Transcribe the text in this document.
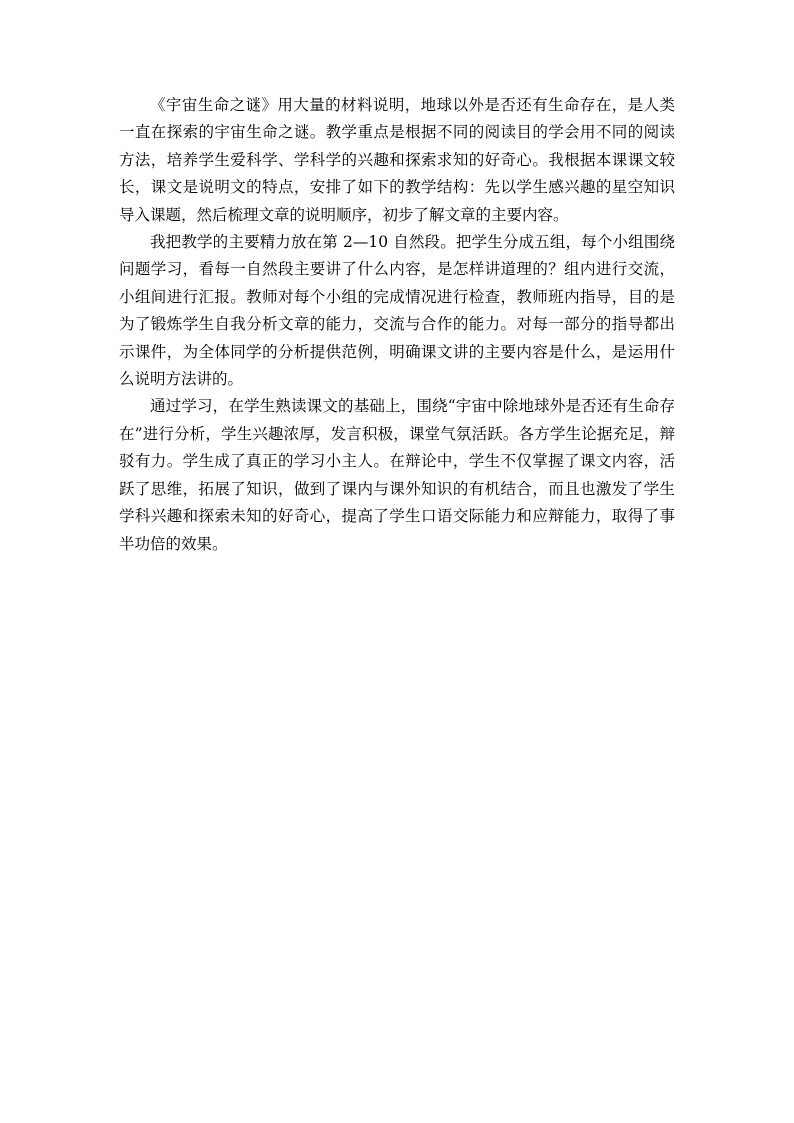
《宇宙生命之谜》用大量的材料说明，地球以外是否还有生命存在，是人类一直在探索的宇宙生命之谜。教学重点是根据不同的阅读目的学会用不同的阅读方法，培养学生爱科学、学科学的兴趣和探索求知的好奇心。我根据本课课文较长，课文是说明文的特点，安排了如下的教学结构：先以学生感兴趣的星空知识导入课题，然后梳理文章的说明顺序，初步了解文章的主要内容。

我把教学的主要精力放在第 2—10 自然段。把学生分成五组，每个小组围绕问题学习，看每一自然段主要讲了什么内容，是怎样讲道理的？组内进行交流，小组间进行汇报。教师对每个小组的完成情况进行检查，教师班内指导，目的是为了锻炼学生自我分析文章的能力，交流与合作的能力。对每一部分的指导都出示课件，为全体同学的分析提供范例，明确课文讲的主要内容是什么，是运用什么说明方法讲的。

通过学习，在学生熟读课文的基础上，围绕“宇宙中除地球外是否还有生命存在”进行分析，学生兴趣浓厚，发言积极，课堂气氛活跃。各方学生论据充足，辩驳有力。学生成了真正的学习小主人。在辩论中，学生不仅掌握了课文内容，活跃了思维，拓展了知识，做到了课内与课外知识的有机结合，而且也激发了学生学科兴趣和探索未知的好奇心，提高了学生口语交际能力和应辩能力，取得了事半功倍的效果。
